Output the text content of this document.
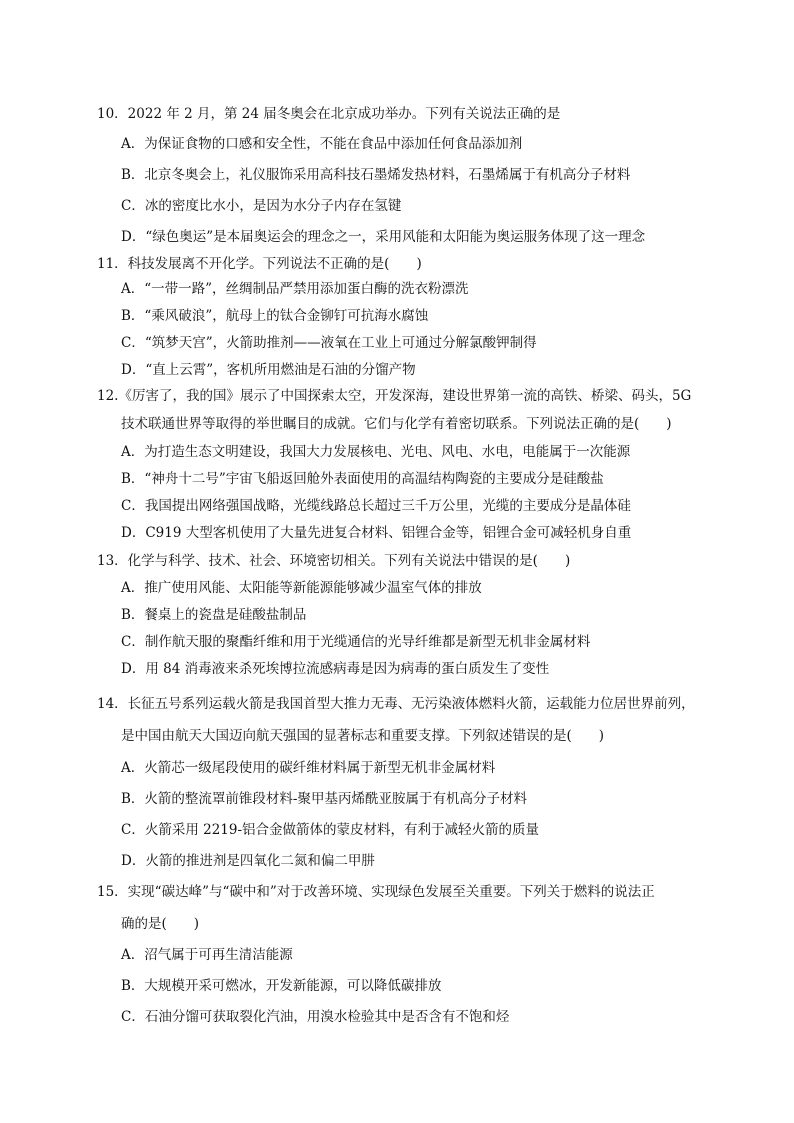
10．2022 年 2 月，第 24 届冬奥会在北京成功举办。下列有关说法正确的是

A．为保证食物的口感和安全性，不能在食品中添加任何食品添加剂

B．北京冬奥会上，礼仪服饰采用高科技石墨烯发热材料，石墨烯属于有机高分子材料

C．冰的密度比水小，是因为水分子内存在氢键

D．“绿色奥运”是本届奥运会的理念之一，采用风能和太阳能为奥运服务体现了这一理念

11．科技发展离不开化学。下列说法不正确的是(　　)

A．“一带一路”，丝绸制品严禁用添加蛋白酶的洗衣粉漂洗

B．“乘风破浪”，航母上的钛合金铆钉可抗海水腐蚀

C．“筑梦天宫”，火箭助推剂——液氧在工业上可通过分解氯酸钾制得

D．“直上云霄”，客机所用燃油是石油的分馏产物

12.《厉害了，我的国》展示了中国探索太空，开发深海，建设世界第一流的高铁、桥梁、码头，5G

技术联通世界等取得的举世瞩目的成就。它们与化学有着密切联系。下列说法正确的是(　　)

A．为打造生态文明建设，我国大力发展核电、光电、风电、水电，电能属于一次能源

B．“神舟十二号”宇宙飞船返回舱外表面使用的高温结构陶瓷的主要成分是硅酸盐

C．我国提出网络强国战略，光缆线路总长超过三千万公里，光缆的主要成分是晶体硅

D．C919 大型客机使用了大量先进复合材料、铝锂合金等，铝锂合金可减轻机身自重

13．化学与科学、技术、社会、环境密切相关。下列有关说法中错误的是(　　)

A．推广使用风能、太阳能等新能源能够减少温室气体的排放

B．餐桌上的瓷盘是硅酸盐制品

C．制作航天服的聚酯纤维和用于光缆通信的光导纤维都是新型无机非金属材料

D．用 84 消毒液来杀死埃博拉流感病毒是因为病毒的蛋白质发生了变性

14．长征五号系列运载火箭是我国首型大推力无毒、无污染液体燃料火箭，运载能力位居世界前列，

是中国由航天大国迈向航天强国的显著标志和重要支撑。下列叙述错误的是(　　)

A．火箭芯一级尾段使用的碳纤维材料属于新型无机非金属材料

B．火箭的整流罩前锥段材料-聚甲基丙烯酰亚胺属于有机高分子材料

C．火箭采用 2219-铝合金做箭体的蒙皮材料，有利于减轻火箭的质量

D．火箭的推进剂是四氧化二氮和偏二甲肼

15．实现“碳达峰”与“碳中和”对于改善环境、实现绿色发展至关重要。下列关于燃料的说法正

确的是(　　)

A．沼气属于可再生清洁能源

B．大规模开采可燃冰，开发新能源，可以降低碳排放

C．石油分馏可获取裂化汽油，用溴水检验其中是否含有不饱和烃
